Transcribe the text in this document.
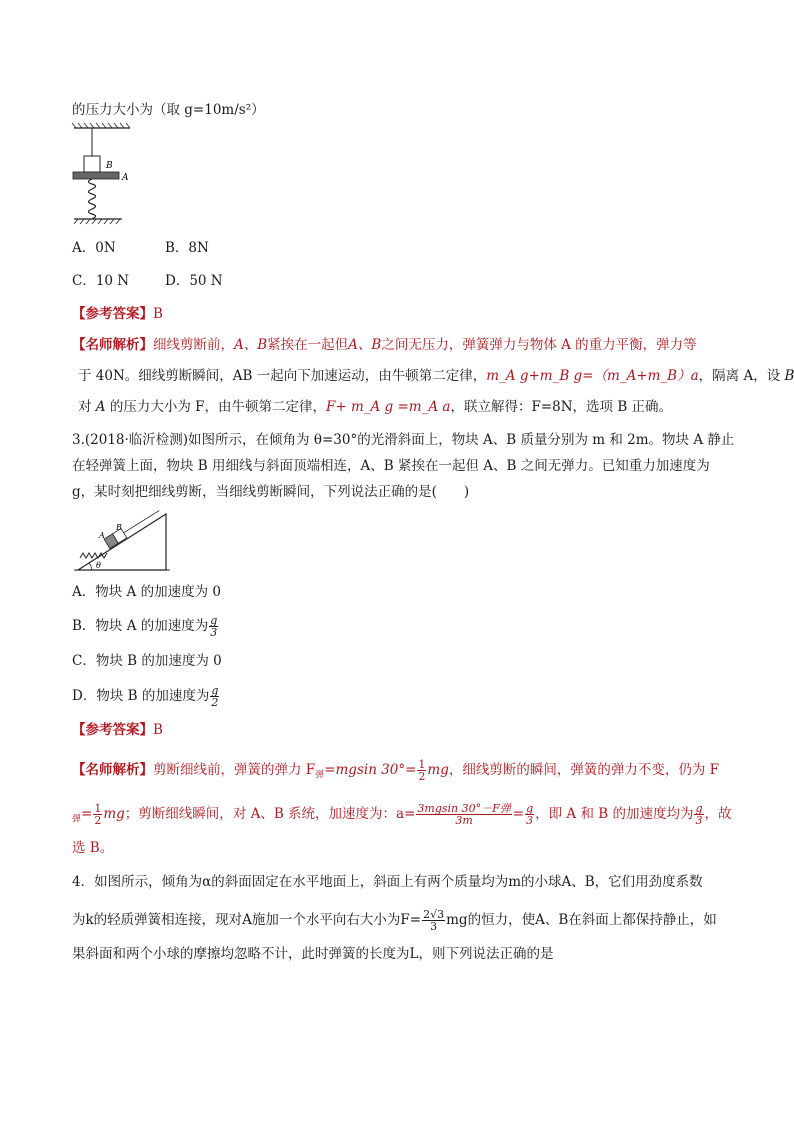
的压力大小为（取 g=10m/s²）
B
A
A．0N	B．8N
C．10 N	D．50 N
【参考答案】B
【名师解析】细线剪断前，A、B紧挨在一起但A、B之间无压力，弹簧弹力与物体 A 的重力平衡，弹力等
于 40N。细线剪断瞬间，AB 一起向下加速运动，由牛顿第二定律，m_A g+m_B g=（m_A+m_B）a，隔离 A，设 B
对 A 的压力大小为 F，由牛顿第二定律，F+ m_A g =m_A a，联立解得：F=8N，选项 B 正确。
3.(2018·临沂检测)如图所示，在倾角为 θ=30°的光滑斜面上，物块 A、B 质量分别为 m 和 2m。物块 A 静止
在轻弹簧上面，物块 B 用细线与斜面顶端相连，A、B 紧挨在一起但 A、B 之间无弹力。已知重力加速度为
g，某时刻把细线剪断，当细线剪断瞬间，下列说法正确的是(　　)
A
B
θ
A．物块 A 的加速度为 0
B．物块 A 的加速度为 $\frac{g}{3}$
C．物块 B 的加速度为 0
D．物块 B 的加速度为 $\frac{g}{2}$
【参考答案】B
【名师解析】剪断细线前，弹簧的弹力 $F_弹=mgsin$ $30^\circ= \frac{1}{2}$ mg，细线剪断的瞬间，弹簧的弹力不变，仍为 F
$_弹= \frac{1}{2}$ mg；剪断细线瞬间，对 A、B 系统，加速度为：$a= \frac{\text{3mgsin 30°－F弹}}{3m} = \frac{g}{3}$ ，即 A 和 B 的加速度均为 $\frac{g}{3}$ ，故
选 B。
4．如图所示，倾角为α的斜面固定在水平地面上，斜面上有两个质量均为m的小球A、B，它们用劲度系数
为k的轻质弹簧相连接，现对A施加一个水平向右大小为$F= \frac{2√3}{3}$ mg的恒力，使A、B在斜面上都保持静止，如
果斜面和两个小球的摩擦均忽略不计，此时弹簧的长度为L，则下列说法正确的是
